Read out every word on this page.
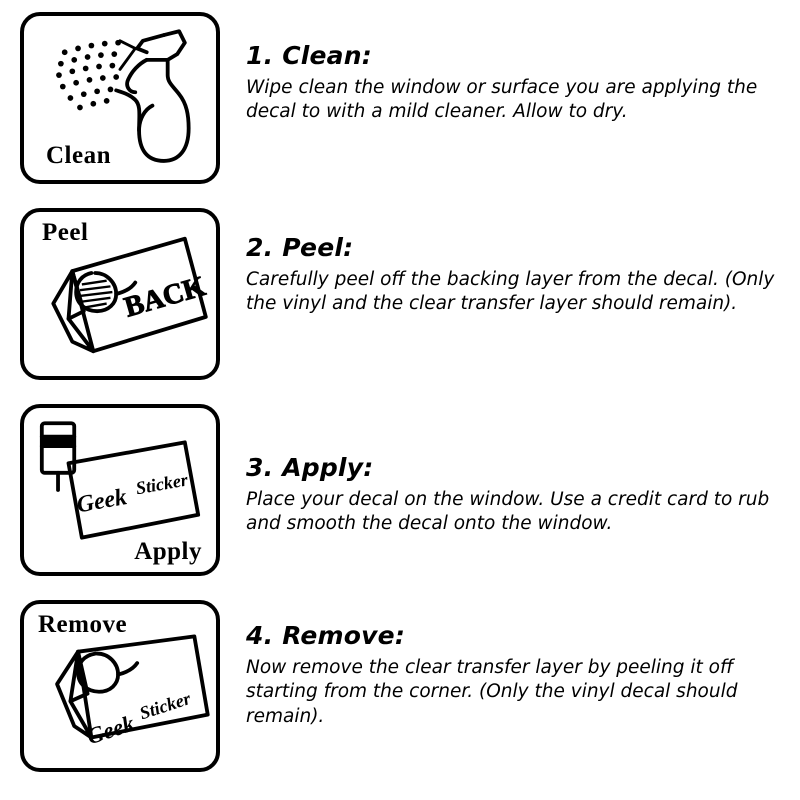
Clean

1. Clean:

Wipe clean the window or surface you are applying the decal to with a mild cleaner. Allow to dry.

BACK
Peel

2. Peel:

Carefully peel off the backing layer from the decal. (Only the vinyl and the clear transfer layer should remain).

Geek
Sticker
Apply

3. Apply:

Place your decal on the window. Use a credit card to rub and smooth the decal onto the window.

Geek
Sticker
Remove	4. Remove:

Now remove the clear transfer layer by peeling it off starting from the corner. (Only the vinyl decal should remain).
